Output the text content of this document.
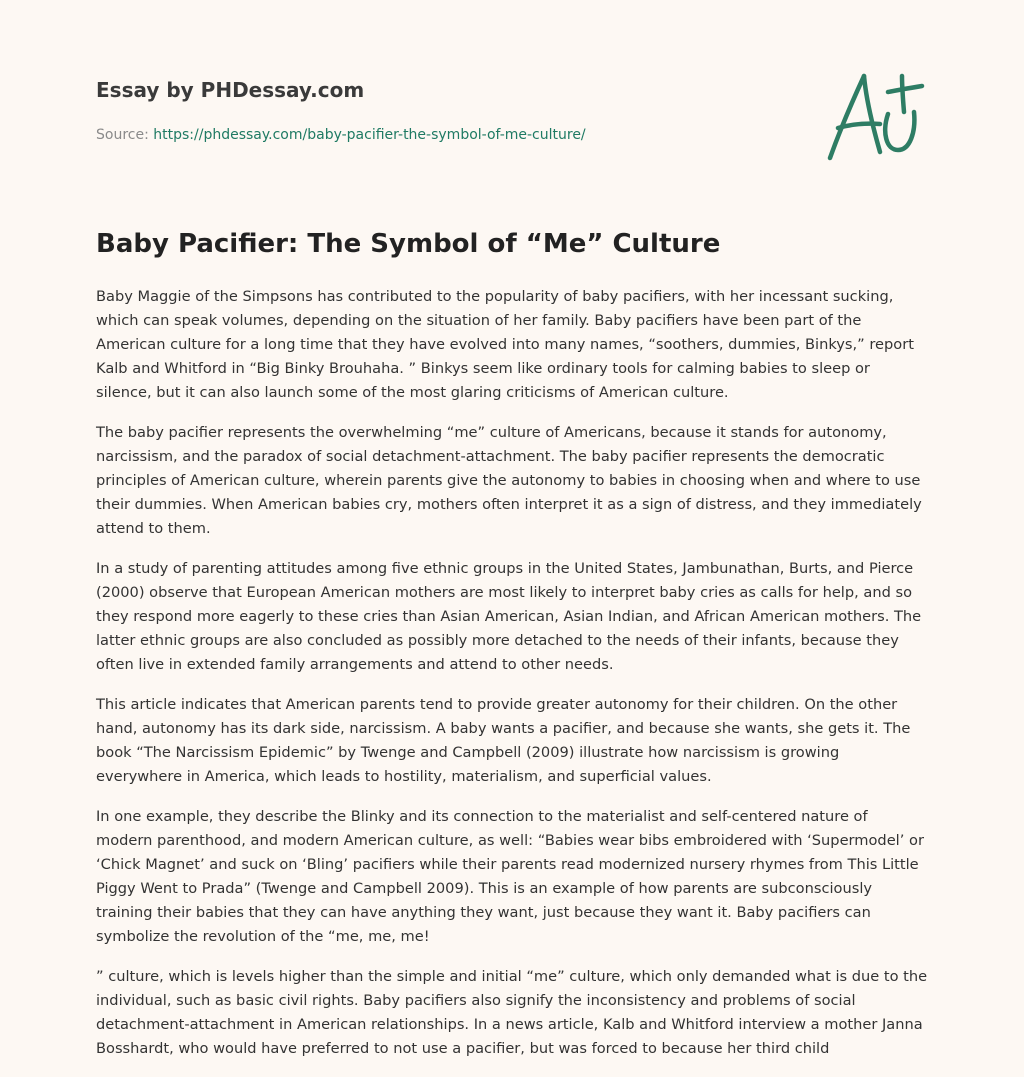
Essay by PHDessay.com
Source: https://phdessay.com/baby-pacifier-the-symbol-of-me-culture/
Baby Pacifier: The Symbol of “Me” Culture

Baby Maggie of the Simpsons has contributed to the popularity of baby pacifiers, with her incessant sucking, which can speak volumes, depending on the situation of her family. Baby pacifiers have been part of the American culture for a long time that they have evolved into many names, “soothers, dummies, Binkys,” report Kalb and Whitford in “Big Binky Brouhaha. ” Binkys seem like ordinary tools for calming babies to sleep or silence, but it can also launch some of the most glaring criticisms of American culture.

The baby pacifier represents the overwhelming “me” culture of Americans, because it stands for autonomy, narcissism, and the paradox of social detachment-attachment. The baby pacifier represents the democratic principles of American culture, wherein parents give the autonomy to babies in choosing when and where to use their dummies. When American babies cry, mothers often interpret it as a sign of distress, and they immediately attend to them.

In a study of parenting attitudes among five ethnic groups in the United States, Jambunathan, Burts, and Pierce (2000) observe that European American mothers are most likely to interpret baby cries as calls for help, and so they respond more eagerly to these cries than Asian American, Asian Indian, and African American mothers. The latter ethnic groups are also concluded as possibly more detached to the needs of their infants, because they often live in extended family arrangements and attend to other needs.

This article indicates that American parents tend to provide greater autonomy for their children. On the other hand, autonomy has its dark side, narcissism. A baby wants a pacifier, and because she wants, she gets it. The book “The Narcissism Epidemic” by Twenge and Campbell (2009) illustrate how narcissism is growing everywhere in America, which leads to hostility, materialism, and superficial values.

In one example, they describe the Blinky and its connection to the materialist and self-centered nature of modern parenthood, and modern American culture, as well: “Babies wear bibs embroidered with ‘Supermodel’ or ‘Chick Magnet’ and suck on ‘Bling’ pacifiers while their parents read modernized nursery rhymes from This Little Piggy Went to Prada” (Twenge and Campbell 2009). This is an example of how parents are subconsciously training their babies that they can have anything they want, just because they want it. Baby pacifiers can symbolize the revolution of the “me, me, me!

” culture, which is levels higher than the simple and initial “me” culture, which only demanded what is due to the individual, such as basic civil rights. Baby pacifiers also signify the inconsistency and problems of social detachment-attachment in American relationships. In a news article, Kalb and Whitford interview a mother Janna Bosshardt, who would have preferred to not use a pacifier, but was forced to because her third child
